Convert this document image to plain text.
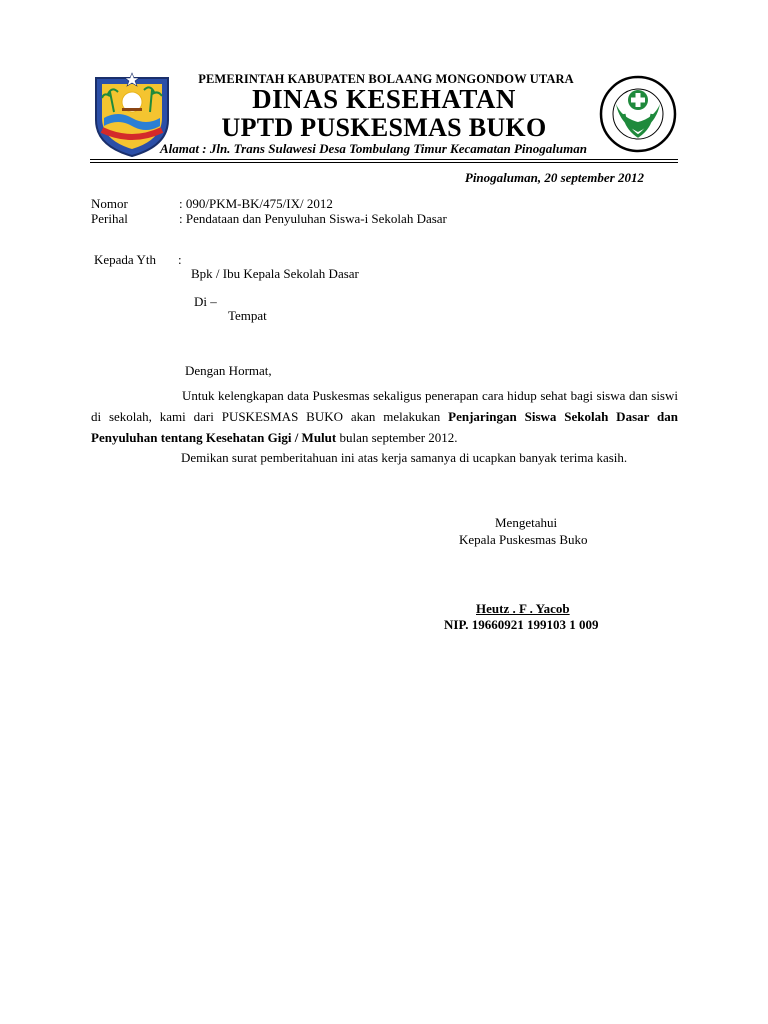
PEMERINTAH KABUPATEN BOLAANG MONGONDOW UTARA
DINAS KESEHATAN
UPTD PUSKESMAS BUKO
Alamat : Jln. Trans Sulawesi Desa Tombulang Timur Kecamatan Pinogaluman
Pinogaluman, 20 september 2012
Nomor	: 090/PKM-BK/475/IX/ 2012
Perihal	: Pendataan dan Penyuluhan Siswa-i Sekolah Dasar
Kepada Yth :
Bpk / Ibu Kepala Sekolah Dasar
Di –
Tempat
Dengan Hormat,
Untuk kelengkapan data Puskesmas sekaligus penerapan cara hidup sehat bagi siswa dan siswi di sekolah, kami dari PUSKESMAS BUKO akan melakukan Penjaringan Siswa Sekolah Dasar dan Penyuluhan tentang Kesehatan Gigi / Mulut bulan september 2012.
Demikan surat pemberitahuan ini atas kerja samanya di ucapkan banyak terima kasih.
Mengetahui
Kepala Puskesmas Buko
Heutz . F . Yacob
NIP. 19660921 199103 1 009
